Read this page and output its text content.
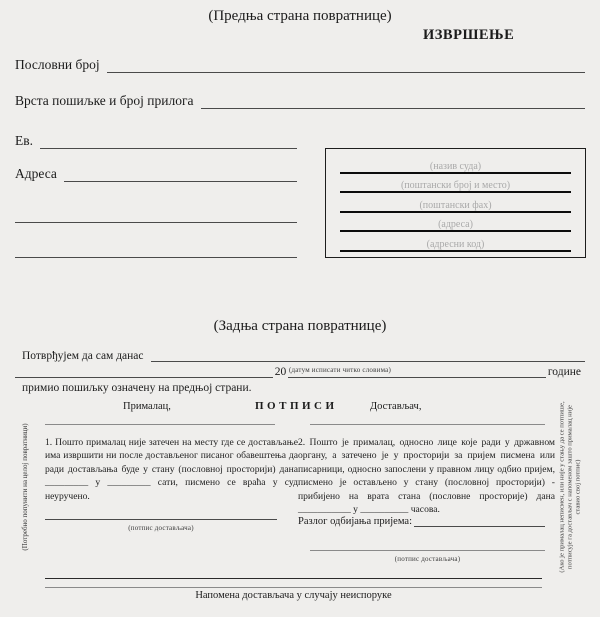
(Предња страна повратнице)
ИЗВРШЕЊЕ
Пословни број
Врста пошиљке и број прилога
Ев.
Адреса	(назив суда)
(поштански број и место)
(поштански фах)
(адреса)
(адресни код)
(Задња страна повратнице)
Потврђујем да сам данас
(датум исписати читко словима)
20	године
примио пошиљку означену на предњој страни.
Прималац,	ПОТПИСИ	Достављач,
1. Пошто прималац није затечен на месту где се достављање има извршити ни после достављеног писаног обавештења да ради достављања буде у стану (пословној просторији) дана _________ у _________ сати, писмено се враћа у суд неуручено.
2. Пошто је прималац, односно лице које ради у државном органу, а затечено је у просторији за пријем писмена или писарници, односно запослени у правном лицу одбио пријем, писмено је остављено у стану (пословној просторији) - прибијено на врата стана (пословне просторије) дана ___________ у __________ часова.
(потпис достављача)
Разлог одбијања пријема:
(потпис достављача)
Напомена достављача у случају неиспоруке
(Потребно попунити на целој повратници)	(Ако је прималац неписмен, или није у стању да се потпише, потписује га достављач с напоменом зашто прималац није ставио свој потпис)
